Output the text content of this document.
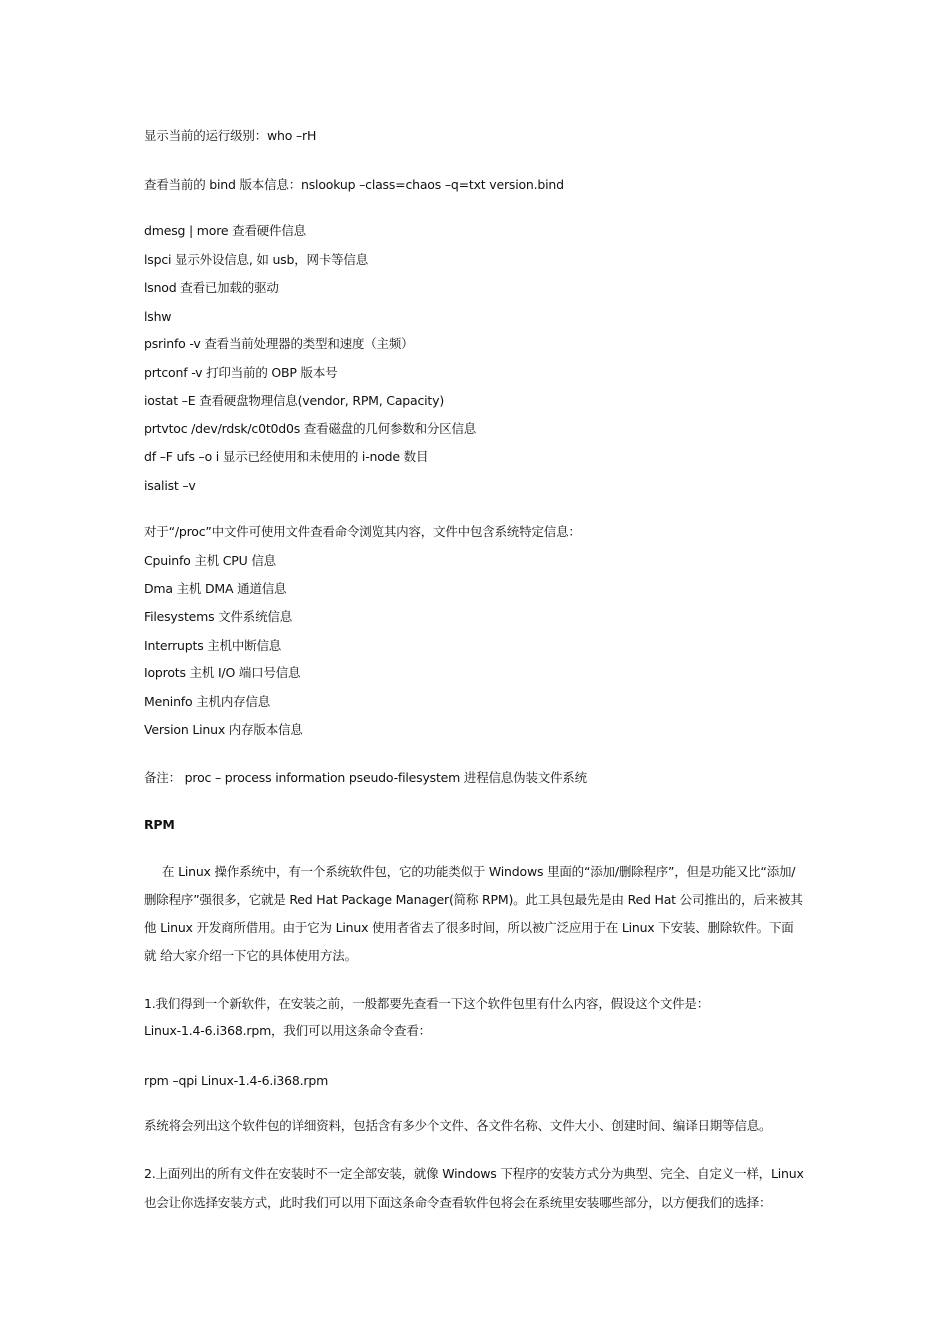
显示当前的运行级别：who –rH
查看当前的 bind 版本信息：nslookup –class=chaos –q=txt version.bind
dmesg | more 查看硬件信息
lspci 显示外设信息, 如 usb，网卡等信息
lsnod 查看已加载的驱动
lshw
psrinfo -v 查看当前处理器的类型和速度（主频）
prtconf -v 打印当前的 OBP 版本号
iostat –E 查看硬盘物理信息(vendor, RPM, Capacity)
prtvtoc /dev/rdsk/c0t0d0s 查看磁盘的几何参数和分区信息
df –F ufs –o i 显示已经使用和未使用的 i-node 数目
isalist –v
对于“/proc”中文件可使用文件查看命令浏览其内容，文件中包含系统特定信息：
Cpuinfo 主机 CPU 信息
Dma 主机 DMA 通道信息
Filesystems 文件系统信息
Interrupts 主机中断信息
Ioprots 主机 I/O 端口号信息
Meninfo 主机内存信息
Version Linux 内存版本信息
备注： proc – process information pseudo-filesystem 进程信息伪装文件系统
RPM
在 Linux 操作系统中，有一个系统软件包，它的功能类似于 Windows 里面的“添加/删除程序”，但是功能又比“添加/
删除程序”强很多，它就是 Red Hat Package Manager(简称 RPM)。此工具包最先是由 Red Hat 公司推出的，后来被其
他 Linux 开发商所借用。由于它为 Linux 使用者省去了很多时间，所以被广泛应用于在 Linux 下安装、删除软件。下面
就 给大家介绍一下它的具体使用方法。
1.我们得到一个新软件，在安装之前，一般都要先查看一下这个软件包里有什么内容，假设这个文件是：
Linux-1.4-6.i368.rpm，我们可以用这条命令查看：
rpm –qpi Linux-1.4-6.i368.rpm
系统将会列出这个软件包的详细资料，包括含有多少个文件、各文件名称、文件大小、创建时间、编译日期等信息。
2.上面列出的所有文件在安装时不一定全部安装，就像 Windows 下程序的安装方式分为典型、完全、自定义一样，Linux
也会让你选择安装方式，此时我们可以用下面这条命令查看软件包将会在系统里安装哪些部分，以方便我们的选择：
